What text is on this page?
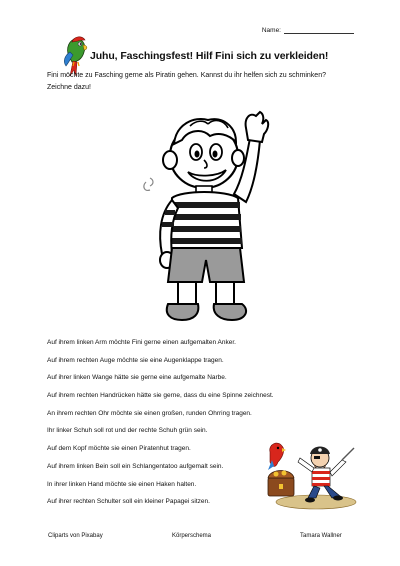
Name:
Juhu, Faschingsfest! Hilf Fini sich zu verkleiden!
Fini möchte zu Fasching gerne als Piratin gehen. Kannst du ihr helfen sich zu schminken?
Zeichne dazu!
Auf ihrem linken Arm möchte Fini gerne einen aufgemalten Anker.
Auf ihrem rechten Auge möchte sie eine Augenklappe tragen.
Auf ihrer linken Wange hätte sie gerne eine aufgemalte Narbe.
Auf ihrem rechten Handrücken hätte sie gerne, dass du eine Spinne zeichnest.
An ihrem rechten Ohr möchte sie einen großen, runden Ohrring tragen.
Ihr linker Schuh soll rot und der rechte Schuh grün sein.
Auf dem Kopf möchte sie einen Piratenhut tragen.
Auf ihrem linken Bein soll ein Schlangentatoo aufgemalt sein.
In ihrer linken Hand möchte sie einen Haken halten.
Auf ihrer rechten Schulter soll ein kleiner Papagei sitzen.
Cliparts von Pixabay	Körperschema	Tamara Wallner
